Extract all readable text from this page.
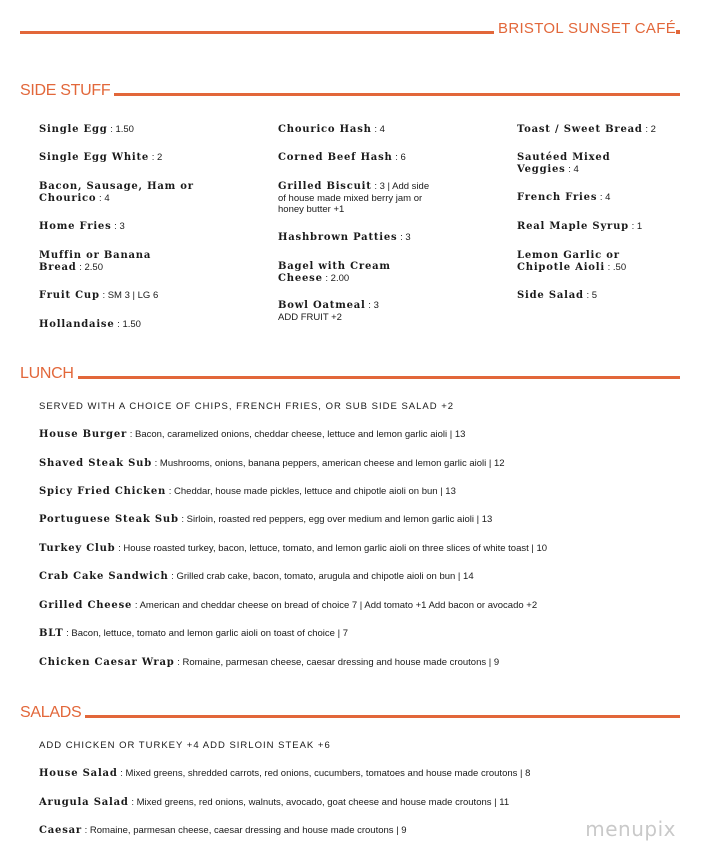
BRISTOL SUNSET CAFÉ
SIDE STUFF
Single Egg : 1.50
Single Egg White : 2
Bacon, Sausage, Ham or Chourico : 4
Home Fries : 3
Muffin or Banana Bread : 2.50
Fruit Cup : SM 3 | LG 6
Hollandaise : 1.50
Chourico Hash : 4
Corned Beef Hash : 6
Grilled Biscuit : 3 | Add side of house made mixed berry jam or honey butter +1
Hashbrown Patties : 3
Bagel with Cream Cheese : 2.00
Bowl Oatmeal : 3
ADD FRUIT +2
Toast / Sweet Bread : 2
Sautéed Mixed Veggies : 4
French Fries : 4
Real Maple Syrup : 1
Lemon Garlic or Chipotle Aioli : .50
Side Salad : 5
LUNCH
SERVED WITH A CHOICE OF CHIPS, FRENCH FRIES, OR SUB SIDE SALAD +2
House Burger : Bacon, caramelized onions, cheddar cheese, lettuce and lemon garlic aioli | 13
Shaved Steak Sub : Mushrooms, onions, banana peppers, american cheese and lemon garlic aioli | 12
Spicy Fried Chicken : Cheddar, house made pickles, lettuce and chipotle aioli on bun | 13
Portuguese Steak Sub : Sirloin, roasted red peppers, egg over medium and lemon garlic aioli | 13
Turkey Club : House roasted turkey, bacon, lettuce, tomato, and lemon garlic aioli on three slices of white toast | 10
Crab Cake Sandwich : Grilled crab cake, bacon, tomato, arugula and chipotle aioli on bun | 14
Grilled Cheese : American and cheddar cheese on bread of choice 7 | Add tomato +1 Add bacon or avocado +2
BLT : Bacon, lettuce, tomato and lemon garlic aioli on toast of choice | 7
Chicken Caesar Wrap : Romaine, parmesan cheese, caesar dressing and house made croutons | 9
SALADS
ADD CHICKEN OR TURKEY +4 ADD SIRLOIN STEAK +6
House Salad : Mixed greens, shredded carrots, red onions, cucumbers, tomatoes and house made croutons | 8
Arugula Salad : Mixed greens, red onions, walnuts, avocado, goat cheese and house made croutons | 11
Caesar : Romaine, parmesan cheese, caesar dressing and house made croutons | 9	menupix
